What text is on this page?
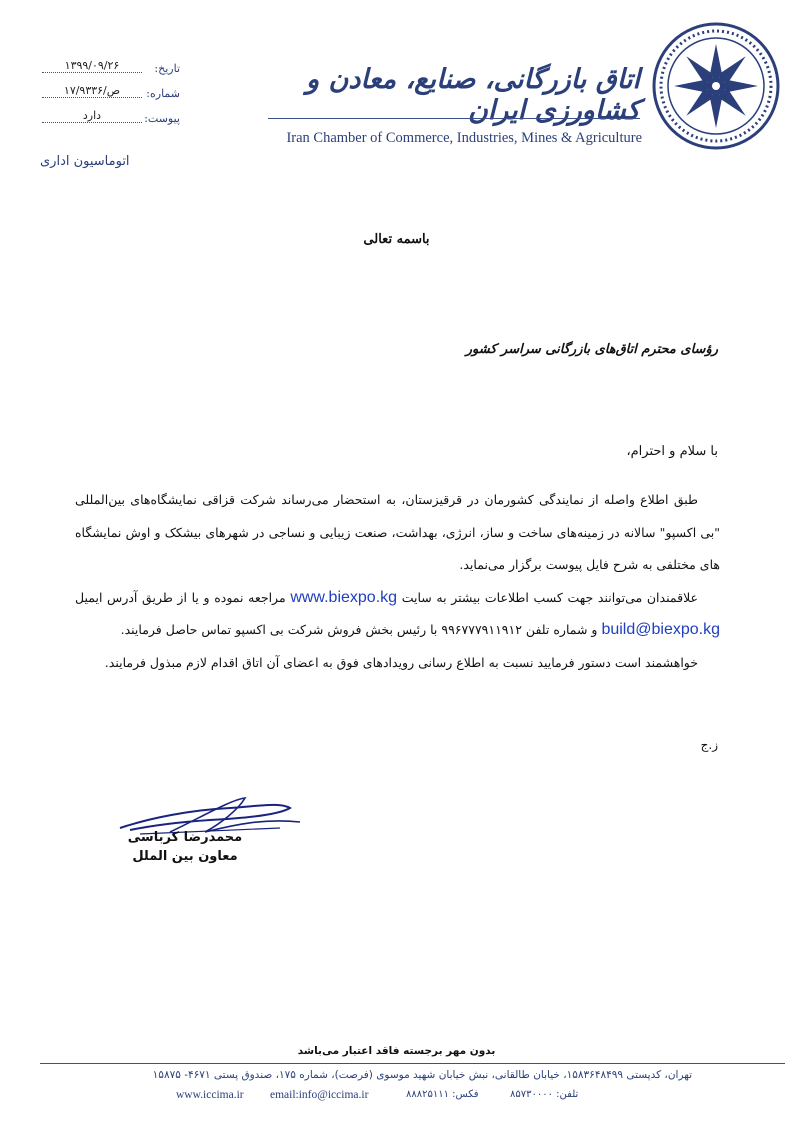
اتاق بازرگانی، صنایع، معادن و کشاورزی ایران
Iran Chamber of Commerce, Industries, Mines & Agriculture
تاریخ:
۱۳۹۹/۰۹/۲۶
شماره:
۱۷/۹۳۳۶/ص
پیوست:
دارد
اتوماسیون اداری
باسمه تعالی
رؤسای محترم اتاق‌های بازرگانی سراسر کشور
با سلام و احترام،

طبق اطلاع واصله از نمایندگی کشورمان در قرقیزستان، به استحضار می‌رساند شرکت قزاقی نمایشگاه‌های بین‌المللی "بی اکسپو" سالانه در زمینه‌های ساخت و ساز، انرژی، بهداشت، صنعت زیبایی و نساجی در شهرهای بیشکک و اوش نمایشگاه های مختلفی به شرح فایل پیوست برگزار می‌نماید.

علاقمندان می‌توانند جهت کسب اطلاعات بیشتر به سایت www.biexpo.kg مراجعه نموده و یا از طریق آدرس ایمیل build@biexpo.kg و شماره تلفن ۹۹۶۷۷۷۹۱۱۹۱۲ با رئیس بخش فروش شرکت بی اکسپو تماس حاصل فرمایند.

خواهشمند است دستور فرمایید نسبت به اطلاع رسانی رویدادهای فوق به اعضای آن اتاق اقدام لازم مبذول فرمایند.

ز.ج
محمدرضا کرباسی
معاون بین الملل
بدون مهر برجسته فاقد اعتبار می‌باشد
تهران، کدپستی ۱۵۸۳۶۴۸۴۹۹، خیابان طالقانی، نبش خیابان شهید موسوی (فرصت)، شماره ۱۷۵، صندوق پستی ۴۶۷۱- ۱۵۸۷۵
www.iccima.ir email:info@iccima.ir	فکس: ۸۸۸۲۵۱۱۱	تلفن: ۸۵۷۳۰۰۰۰
